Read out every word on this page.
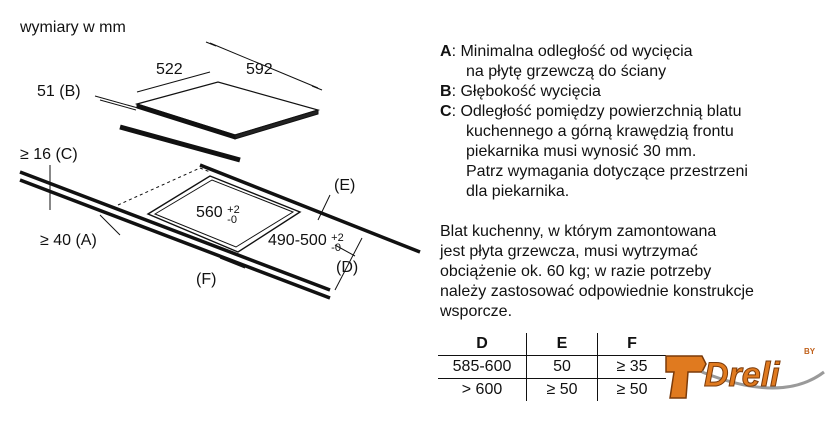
wymiary w mm
522	592
51 (B)
≥ 16 (C)
≥ 40 (A)
(E)
(D)
(F)
560 +2
-0
490-500 +2
-0
A : Minimalna odległość od wycięcia
na płytę grzewczą do ściany
B : Głębokość wycięcia
C : Odległość pomiędzy powierzchnią blatu
kuchennego a górną krawędzią frontu
piekarnika musi wynosić 30 mm.
Patrz wymagania dotyczące przestrzeni
dla piekarnika.
Blat kuchenny, w którym zamontowana
jest płyta grzewcza, musi wytrzymać
obciążenie ok. 60 kg; w razie potrzeby
należy zastosować odpowiednie konstrukcje
wsporcze.
D	E	F
585-600	50	≥ 35
> 600	≥ 50	≥ 50 Dreli
BY
